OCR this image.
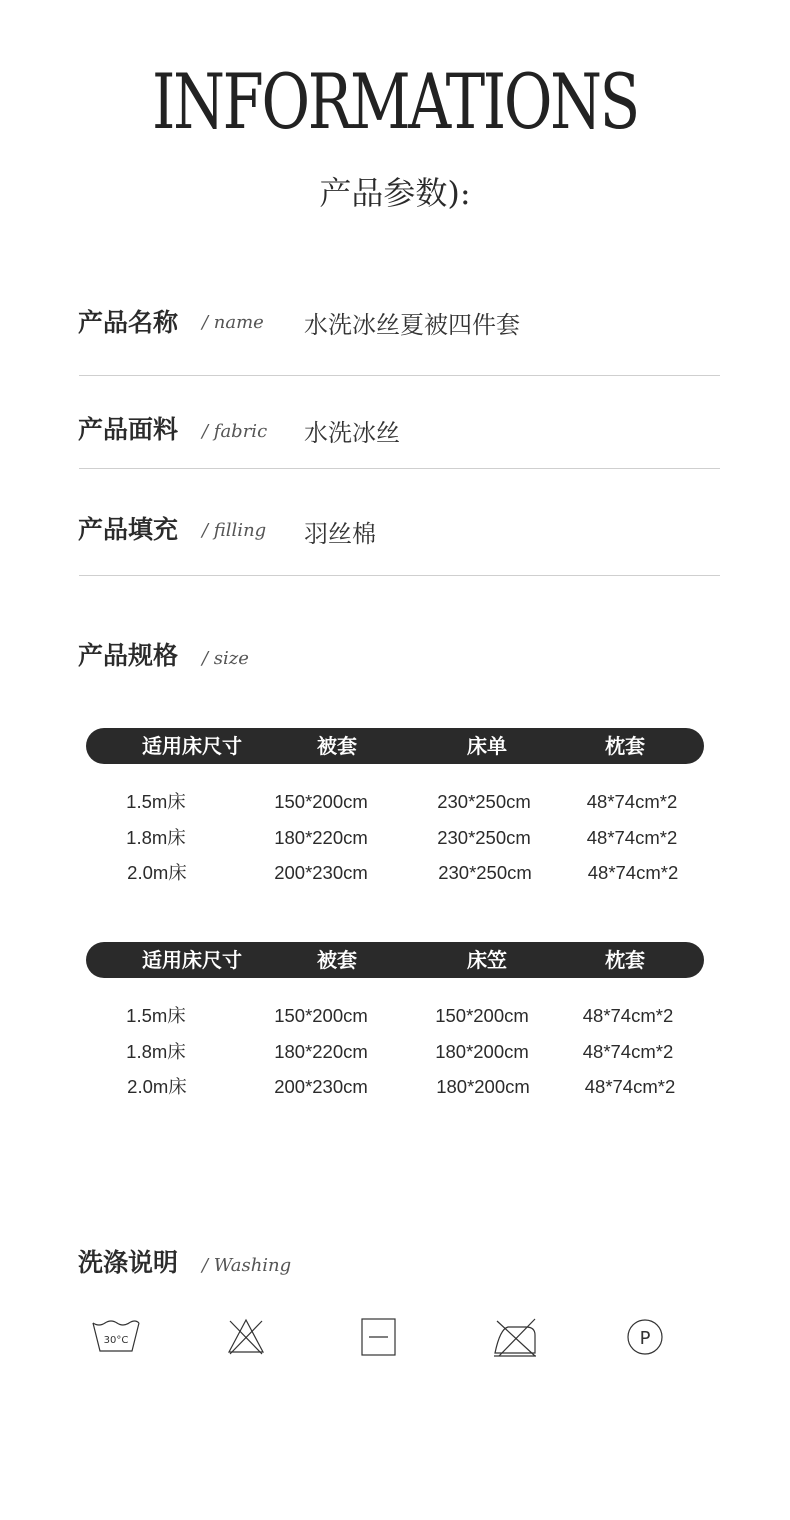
INFORMATIONS
产品参数):
产品名称 / name 水洗冰丝夏被四件套
产品面料 / fabric 水洗冰丝
产品填充 / filling 羽丝棉
产品规格 / size
适用床尺寸	被套	床单	枕套
1.5m床	150*200cm	230*250cm	48*74cm*2
1.8m床	180*220cm	230*250cm	48*74cm*2
2.0m床	200*230cm	230*250cm	48*74cm*2
适用床尺寸	被套	床笠	枕套
1.5m床	150*200cm	150*200cm	48*74cm*2
1.8m床	180*220cm	180*200cm	48*74cm*2
2.0m床	200*230cm	180*200cm	48*74cm*2
洗涤说明 / Washing
30°C	P
